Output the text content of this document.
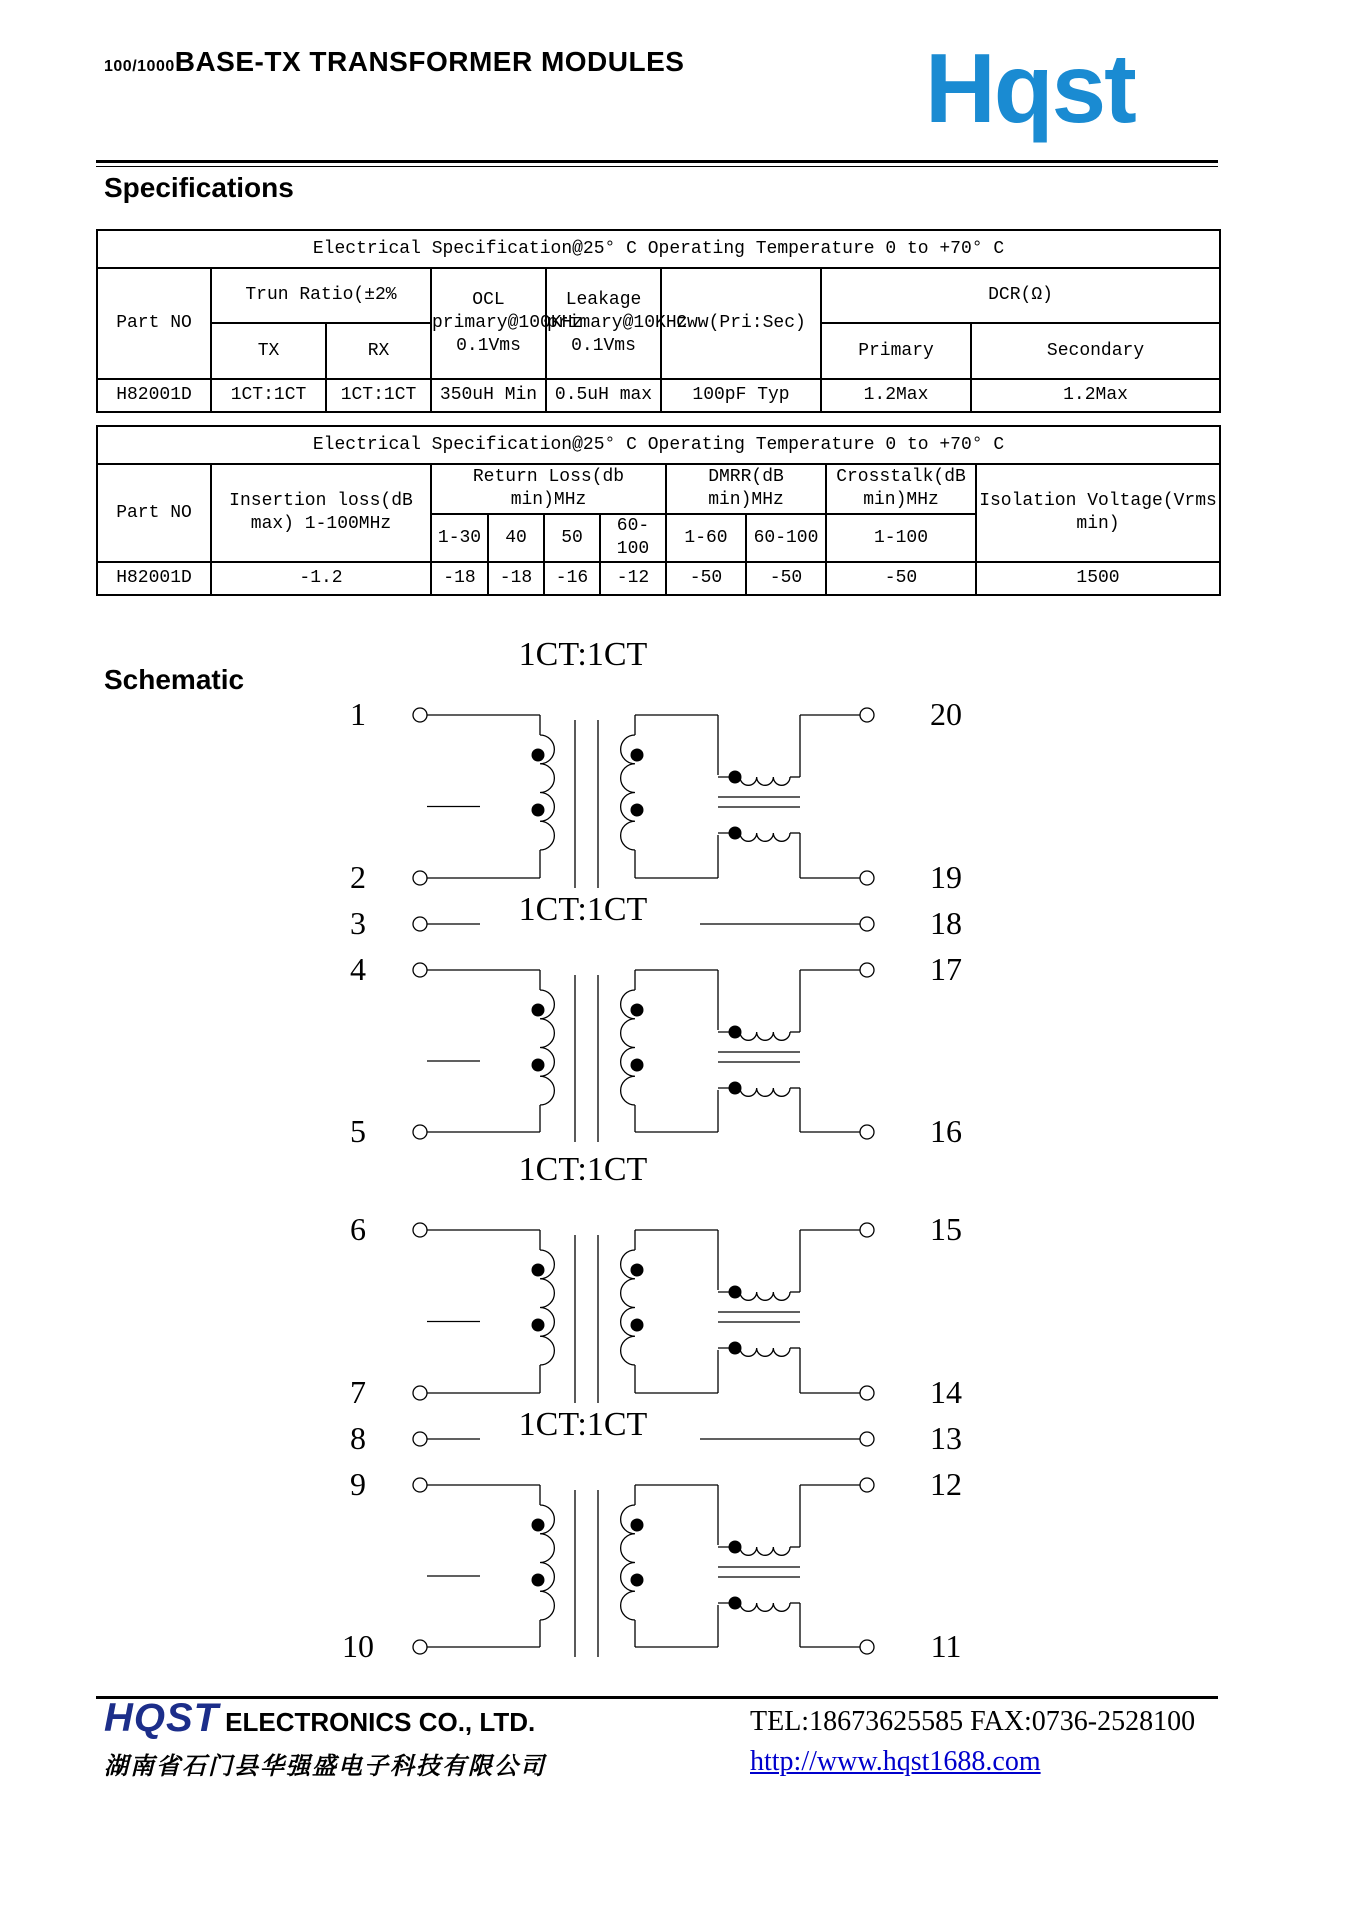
100/1000BASE-TX TRANSFORMER MODULES Hqst
Specifications
Electrical Specification@25° C Operating Temperature 0 to +70° C							
Part NO	Trun Ratio(±2%		OCL primary@100KHz 0.1Vms	Leakage primary@10KHz 0.1Vms	Cww(Pri:Sec)	DCR(Ω)	
	TX	RX				Primary	Secondary
H82001D	1CT:1CT	1CT:1CT	350uH Min	0.5uH max	100pF Typ	1.2Max	1.2Max
Electrical Specification@25° C Operating Temperature 0 to +70° C									
Part NO	Insertion loss(dB max) 1-100MHz	Return Loss(db min)MHz				DMRR(dB min)MHz		Crosstalk(dB min)MHz	Isolation Voltage(Vrms min)
		1-30	40	50	60-100	1-60	60-100	1-100	
H82001D	-1.2	-18	-18	-16	-12	-50	-50	-50	1500
Schematic
1CT:1CT
1CT:1CT
1	20
2	19
3	18
4	17
5	16
1CT:1CT
1CT:1CT
6	15
7	14
8	13
9	12
10	11
HQST ELECTRONICS CO., LTD.
湖南省石门县华强盛电子科技有限公司
TEL:18673625585 FAX:0736-2528100
http://www.hqst1688.com
